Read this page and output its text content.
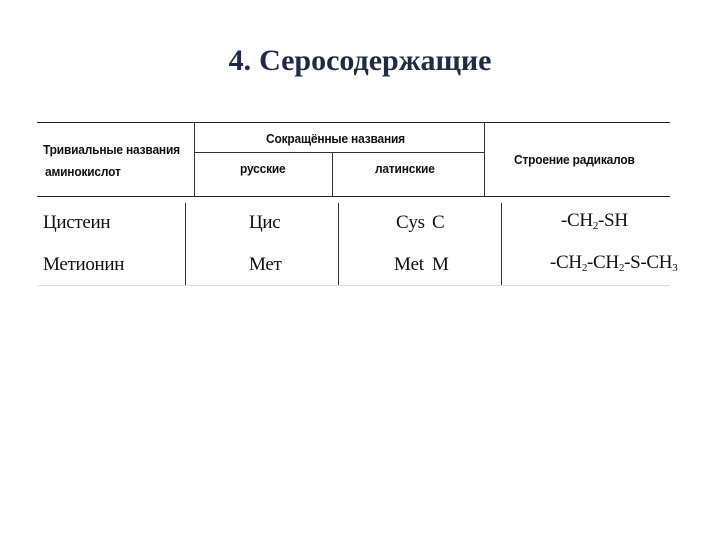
4. Серосодержащие
Тривиальные названия
аминокислот
Сокращённые названия
русские	латинские
Строение радикалов
Цистеин	Цис	Cys C	$-CH_2-SH$
Метионин	Мет	Met M	$-CH_2-CH_2-S-CH_3$
